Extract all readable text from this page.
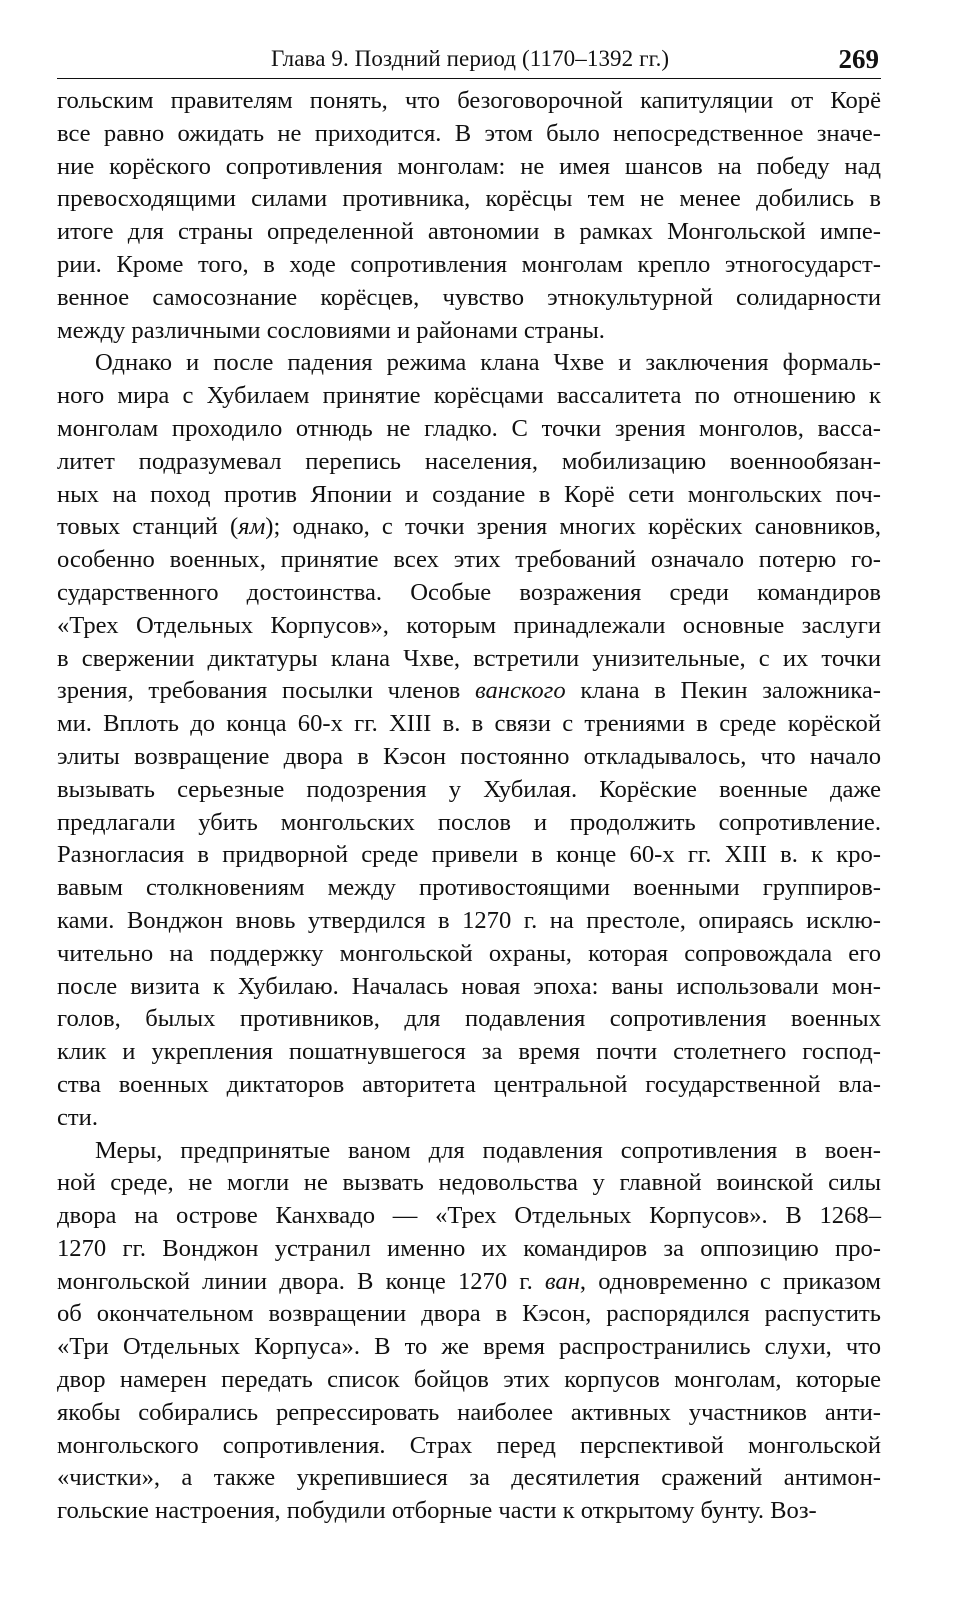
Глава 9. Поздний период (1170–1392 гг.)	269
гольским правителям понять, что безоговорочной капитуляции от Корё
все равно ожидать не приходится. В этом было непосредственное значе-
ние корёского сопротивления монголам: не имея шансов на победу над
превосходящими силами противника, корёсцы тем не менее добились в
итоге для страны определенной автономии в рамках Монгольской импе-
рии. Кроме того, в ходе сопротивления монголам крепло этногосударст-
венное самосознание корёсцев, чувство этнокультурной солидарности
между различными сословиями и районами страны.
Однако и после падения режима клана Чхве и заключения формаль-
ного мира с Хубилаем принятие корёсцами вассалитета по отношению к
монголам проходило отнюдь не гладко. С точки зрения монголов, васса-
литет подразумевал перепись населения, мобилизацию военнообязан-
ных на поход против Японии и создание в Корё сети монгольских поч-
товых станций (ям); однако, с точки зрения многих корёских сановников,
особенно военных, принятие всех этих требований означало потерю го-
сударственного достоинства. Особые возражения среди командиров
«Трех Отдельных Корпусов», которым принадлежали основные заслуги
в свержении диктатуры клана Чхве, встретили унизительные, с их точки
зрения, требования посылки членов ванского клана в Пекин заложника-
ми. Вплоть до конца 60-х гг. XIII в. в связи с трениями в среде корёской
элиты возвращение двора в Кэсон постоянно откладывалось, что начало
вызывать серьезные подозрения у Хубилая. Корёские военные даже
предлагали убить монгольских послов и продолжить сопротивление.
Разногласия в придворной среде привели в конце 60-х гг. XIII в. к кро-
вавым столкновениям между противостоящими военными группиров-
ками. Вонджон вновь утвердился в 1270 г. на престоле, опираясь исклю-
чительно на поддержку монгольской охраны, которая сопровождала его
после визита к Хубилаю. Началась новая эпоха: ваны использовали мон-
голов, былых противников, для подавления сопротивления военных
клик и укрепления пошатнувшегося за время почти столетнего господ-
ства военных диктаторов авторитета центральной государственной вла-
сти.
Меры, предпринятые ваном для подавления сопротивления в воен-
ной среде, не могли не вызвать недовольства у главной воинской силы
двора на острове Канхвадо — «Трех Отдельных Корпусов». В 1268–
1270 гг. Вонджон устранил именно их командиров за оппозицию про-
монгольской линии двора. В конце 1270 г. ван, одновременно с приказом
об окончательном возвращении двора в Кэсон, распорядился распустить
«Три Отдельных Корпуса». В то же время распространились слухи, что
двор намерен передать список бойцов этих корпусов монголам, которые
якобы собирались репрессировать наиболее активных участников анти-
монгольского сопротивления. Страх перед перспективой монгольской
«чистки», а также укрепившиеся за десятилетия сражений антимон-
гольские настроения, побудили отборные части к открытому бунту. Воз-
